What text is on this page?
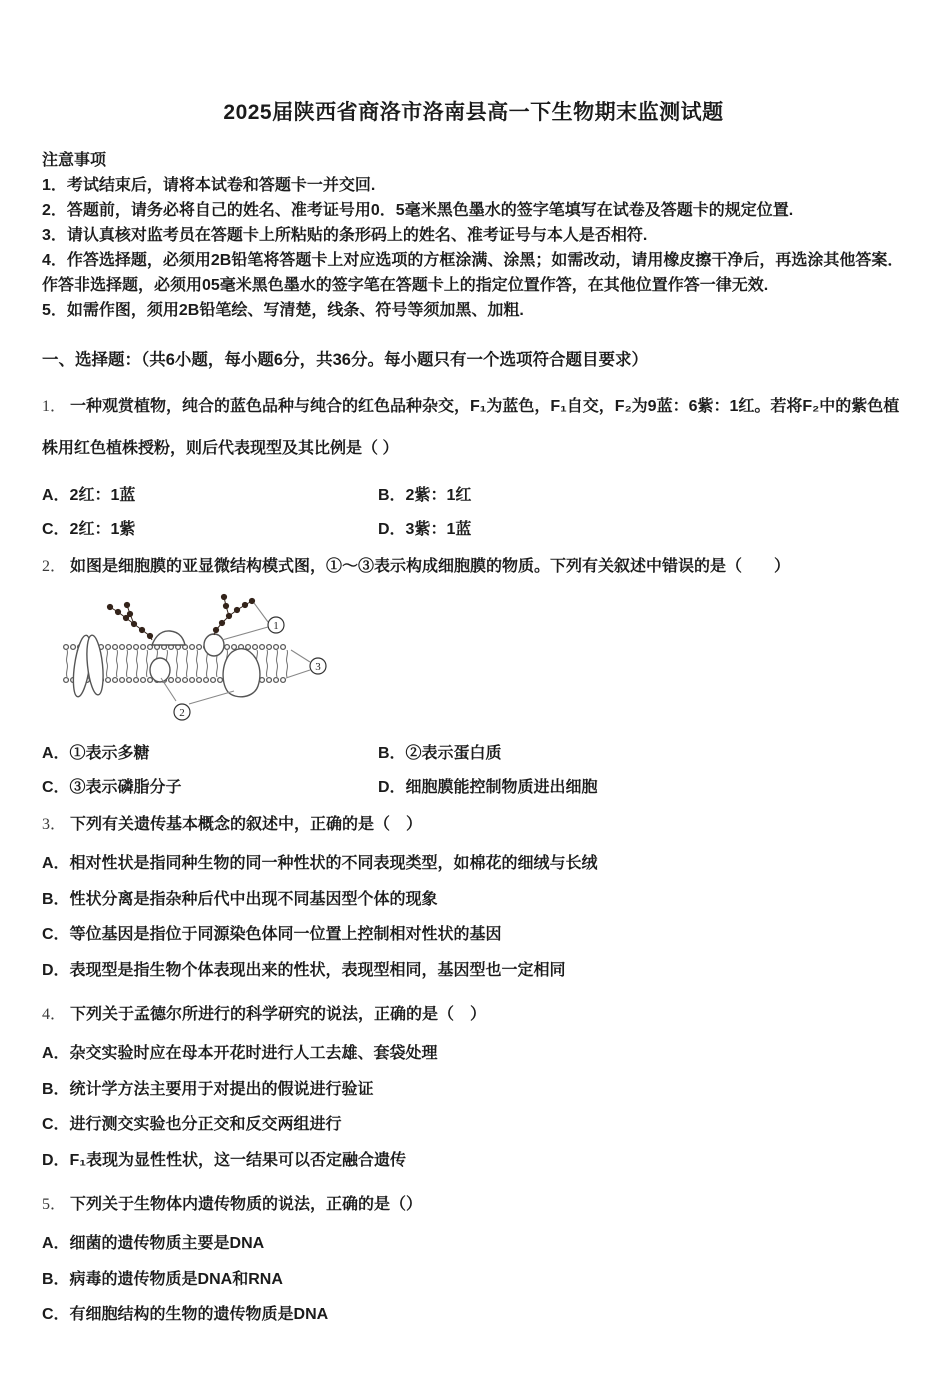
2025届陕西省商洛市洛南县高一下生物期末监测试题
注意事项

1．考试结束后，请将本试卷和答题卡一并交回.

2．答题前，请务必将自己的姓名、准考证号用0．5毫米黑色墨水的签字笔填写在试卷及答题卡的规定位置.

3．请认真核对监考员在答题卡上所粘贴的条形码上的姓名、准考证号与本人是否相符.

4．作答选择题，必须用2B铅笔将答题卡上对应选项的方框涂满、涂黑；如需改动，请用橡皮擦干净后，再选涂其他答案．作答非选择题，必须用05毫米黑色墨水的签字笔在答题卡上的指定位置作答，在其他位置作答一律无效.

5．如需作图，须用2B铅笔绘、写清楚，线条、符号等须加黑、加粗.

一、选择题：（共6小题，每小题6分，共36分。每小题只有一个选项符合题目要求）

1． 一种观赏植物，纯合的蓝色品种与纯合的红色品种杂交，F₁为蓝色，F₁自交，F₂为9蓝：6紫：1红。若将F₂中的紫色植株用红色植株授粉，则后代表现型及其比例是（ ）

A．2红：1蓝	B．2紫：1红
C．2红：1紫	D．3紫：1蓝

2． 如图是细胞膜的亚显微结构模式图，①～③表示构成细胞膜的物质。下列有关叙述中错误的是（　　）

1
3
2
A．①表示多糖	B．②表示蛋白质
C．③表示磷脂分子	D．细胞膜能控制物质进出细胞

3． 下列有关遗传基本概念的叙述中，正确的是（　）

A．相对性状是指同种生物的同一种性状的不同表现类型，如棉花的细绒与长绒
B．性状分离是指杂种后代中出现不同基因型个体的现象
C．等位基因是指位于同源染色体同一位置上控制相对性状的基因
D．表现型是指生物个体表现出来的性状，表现型相同，基因型也一定相同

4． 下列关于孟德尔所进行的科学研究的说法，正确的是（　）

A．杂交实验时应在母本开花时进行人工去雄、套袋处理
B．统计学方法主要用于对提出的假说进行验证
C．进行测交实验也分正交和反交两组进行
D．F₁表现为显性性状，这一结果可以否定融合遗传

5． 下列关于生物体内遗传物质的说法，正确的是（）

A．细菌的遗传物质主要是DNA
B．病毒的遗传物质是DNA和RNA
C．有细胞结构的生物的遗传物质是DNA
